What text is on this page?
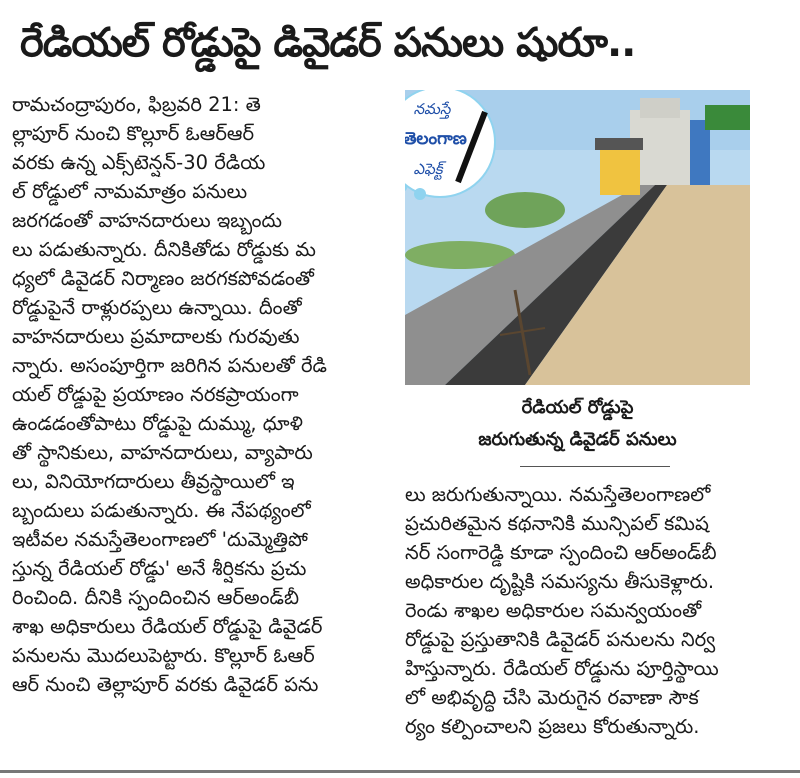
రేడియల్ రోడ్డుపై డివైడర్ పనులు షురూ..
రామచంద్రాపురం, ఫిబ్రవరి 21: తె
ల్లాపూర్ నుంచి కొల్లూర్ ఓఆర్ఆర్
వరకు ఉన్న ఎక్స్‌టెన్షన్-30 రేడియ
ల్ రోడ్డులో నామమాత్రం పనులు
జరగడంతో వాహనదారులు ఇబ్బందు
లు పడుతున్నారు. దీనికితోడు రోడ్డుకు మ
ధ్యలో డివైడర్ నిర్మాణం జరగకపోవడంతో
రోడ్డుపైనే రాళ్లురప్పలు ఉన్నాయి. దీంతో
వాహనదారులు ప్రమాదాలకు గురవుతు
న్నారు. అసంపూర్తిగా జరిగిన పనులతో రేడి
యల్ రోడ్డుపై ప్రయాణం నరకప్రాయంగా
ఉండడంతోపాటు రోడ్డుపై దుమ్ము, ధూళి
తో స్థానికులు, వాహనదారులు, వ్యాపారు
లు, వినియోగదారులు తీవ్రస్థాయిలో ఇ
బ్బందులు పడుతున్నారు. ఈ నేపథ్యంలో
ఇటీవల నమస్తేతెలంగాణలో 'దుమ్మెత్తిపో
స్తున్న రేడియల్ రోడ్డు' అనే శీర్షికను ప్రచు
రించింది. దీనికి స్పందించిన ఆర్అండ్‌బీ
శాఖ అధికారులు రేడియల్ రోడ్డుపై డివైడర్
పనులను మొదలుపెట్టారు. కొల్లూర్ ఓఆర్
ఆర్ నుంచి తెల్లాపూర్ వరకు డివైడర్ పను
నమస్తే
తెలంగాణ
ఎఫెక్ట్
రేడియల్ రోడ్డుపై
జరుగుతున్న డివైడర్ పనులు
లు జరుగుతున్నాయి. నమస్తేతెలంగాణలో
ప్రచురితమైన కథనానికి మున్సిపల్ కమిష
నర్ సంగారెడ్డి కూడా స్పందించి ఆర్అండ్‌బీ
అధికారుల దృష్టికి సమస్యను తీసుకెళ్లారు.
రెండు శాఖల అధికారుల సమన్వయంతో
రోడ్డుపై ప్రస్తుతానికి డివైడర్ పనులను నిర్వ
హిస్తున్నారు. రేడియల్ రోడ్డును పూర్తిస్థాయి
లో అభివృద్ధి చేసి మెరుగైన రవాణా సౌక
ర్యం కల్పించాలని ప్రజలు కోరుతున్నారు.
